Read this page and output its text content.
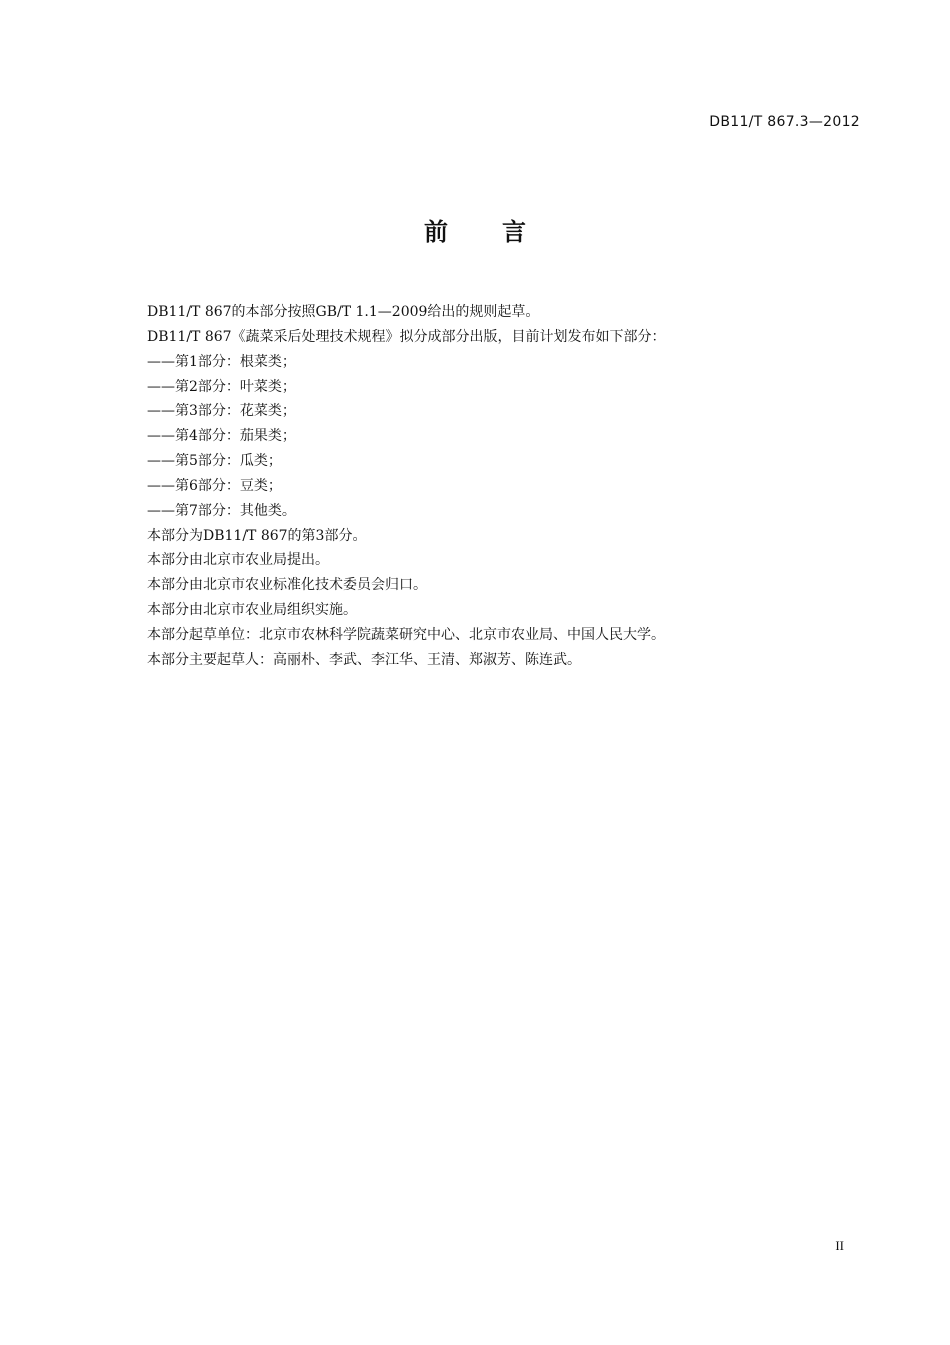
DB11/T 867.3—2012
前 言
DB11/T 867的本部分按照GB/T 1.1—2009给出的规则起草。
DB11/T 867《蔬菜采后处理技术规程》拟分成部分出版，目前计划发布如下部分：
——第1部分：根菜类；
——第2部分：叶菜类；
——第3部分：花菜类；
——第4部分：茄果类；
——第5部分：瓜类；
——第6部分：豆类；
——第7部分：其他类。
本部分为DB11/T 867的第3部分。
本部分由北京市农业局提出。
本部分由北京市农业标准化技术委员会归口。
本部分由北京市农业局组织实施。
本部分起草单位：北京市农林科学院蔬菜研究中心、北京市农业局、中国人民大学。
本部分主要起草人：高丽朴、李武、李江华、王清、郑淑芳、陈连武。
II
